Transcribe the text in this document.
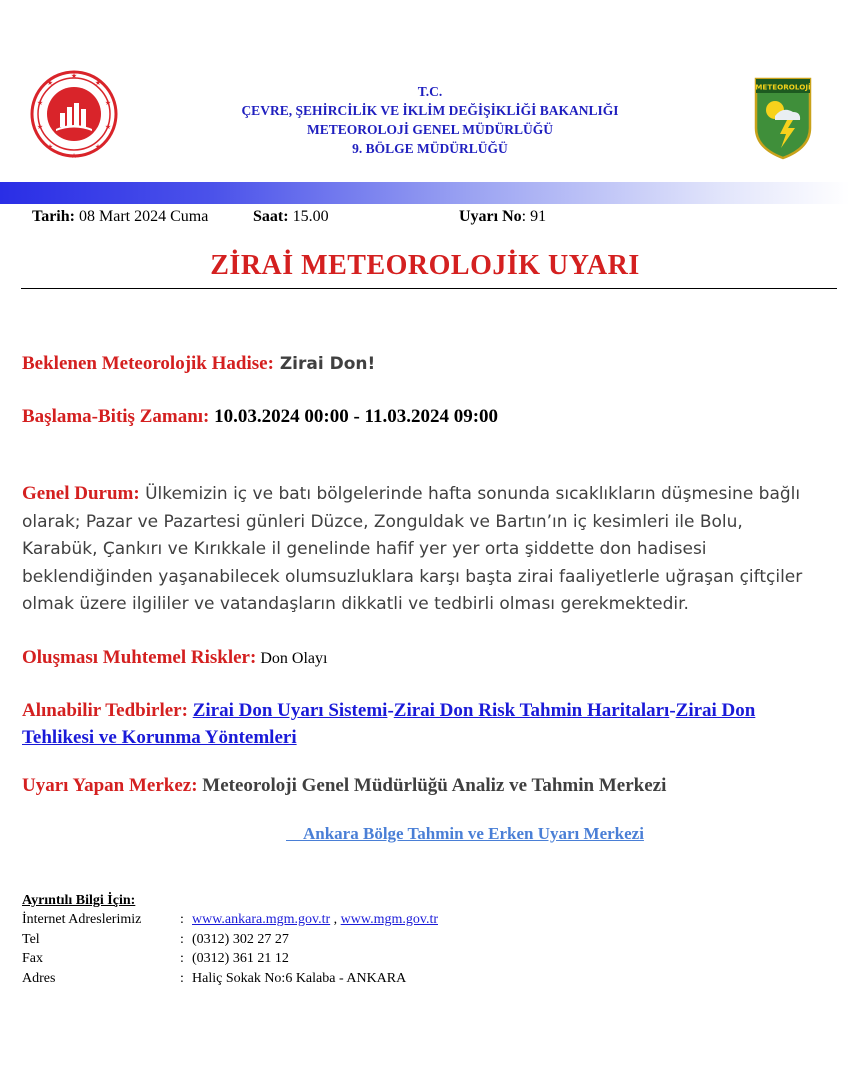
★
★	★
★	★
★	★
★	★
★
T.C.
ÇEVRE, ŞEHİRCİLİK VE İKLİM DEĞİŞİKLİĞİ BAKANLIĞI
METEOROLOJİ GENEL MÜDÜRLÜĞÜ
9. BÖLGE MÜDÜRLÜĞÜ
METEOROLOJİ
Tarih: 08 Mart 2024 Cuma	Saat: 15.00	Uyarı No: 91
ZİRAİ METEOROLOJİK UYARI
Beklenen Meteorolojik Hadise: Zirai Don!
Başlama-Bitiş Zamanı: 10.03.2024 00:00 - 11.03.2024 09:00
Genel Durum: Ülkemizin iç ve batı bölgelerinde hafta sonunda sıcaklıkların düşmesine bağlı
olarak; Pazar ve Pazartesi günleri Düzce, Zonguldak ve Bartın’ın iç kesimleri ile Bolu,
Karabük, Çankırı ve Kırıkkale il genelinde hafif yer yer orta şiddette don hadisesi
beklendiğinden yaşanabilecek olumsuzluklara karşı başta zirai faaliyetlerle uğraşan çiftçiler
olmak üzere ilgililer ve vatandaşların dikkatli ve tedbirli olması gerekmektedir.
Oluşması Muhtemel Riskler: Don Olayı
Alınabilir Tedbirler: Zirai Don Uyarı Sistemi-Zirai Don Risk Tahmin Haritaları-Zirai Don
Tehlikesi ve Korunma Yöntemleri
Uyarı Yapan Merkez: Meteoroloji Genel Müdürlüğü Analiz ve Tahmin Merkezi
Ankara Bölge Tahmin ve Erken Uyarı Merkezi
Ayrıntılı Bilgi İçin:
İnternet Adreslerimiz	: www.ankara.mgm.gov.tr , www.mgm.gov.tr
Tel	: (0312) 302 27 27
Fax	: (0312) 361 21 12
Adres	: Haliç Sokak No:6 Kalaba - ANKARA
